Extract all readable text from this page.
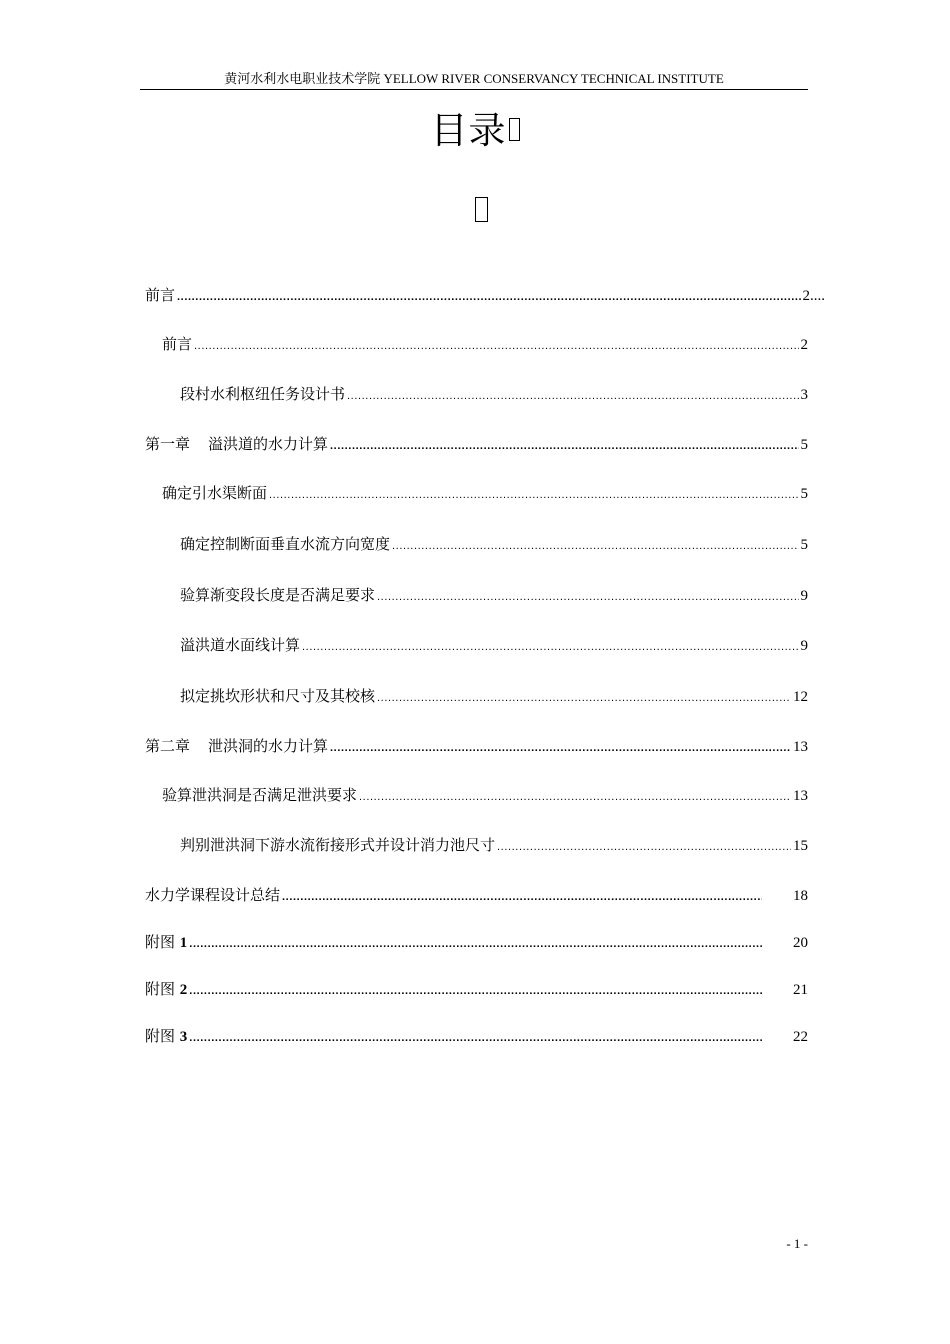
黄河水利水电职业技术学院 YELLOW RIVER CONSERVANCY TECHNICAL INSTITUTE
目录
前言 .....	2....
前言 .....	2
段村水利枢纽任务设计书 .....	3
第一章 溢洪道的水力计算 .....	5
确定引水渠断面 .....	5
确定控制断面垂直水流方向宽度 .....	5
验算渐变段长度是否满足要求 .....	9
溢洪道水面线计算 .....	9
拟定挑坎形状和尺寸及其校核 .....	12
第二章 泄洪洞的水力计算 .....	13
验算泄洪洞是否满足泄洪要求 .....	13
判别泄洪洞下游水流衔接形式并设计消力池尺寸 .....	15
水力学课程设计总结 .....	18
附图 1 .....	20
附图 2 .....	21
附图 3 .....	22
- 1 -
